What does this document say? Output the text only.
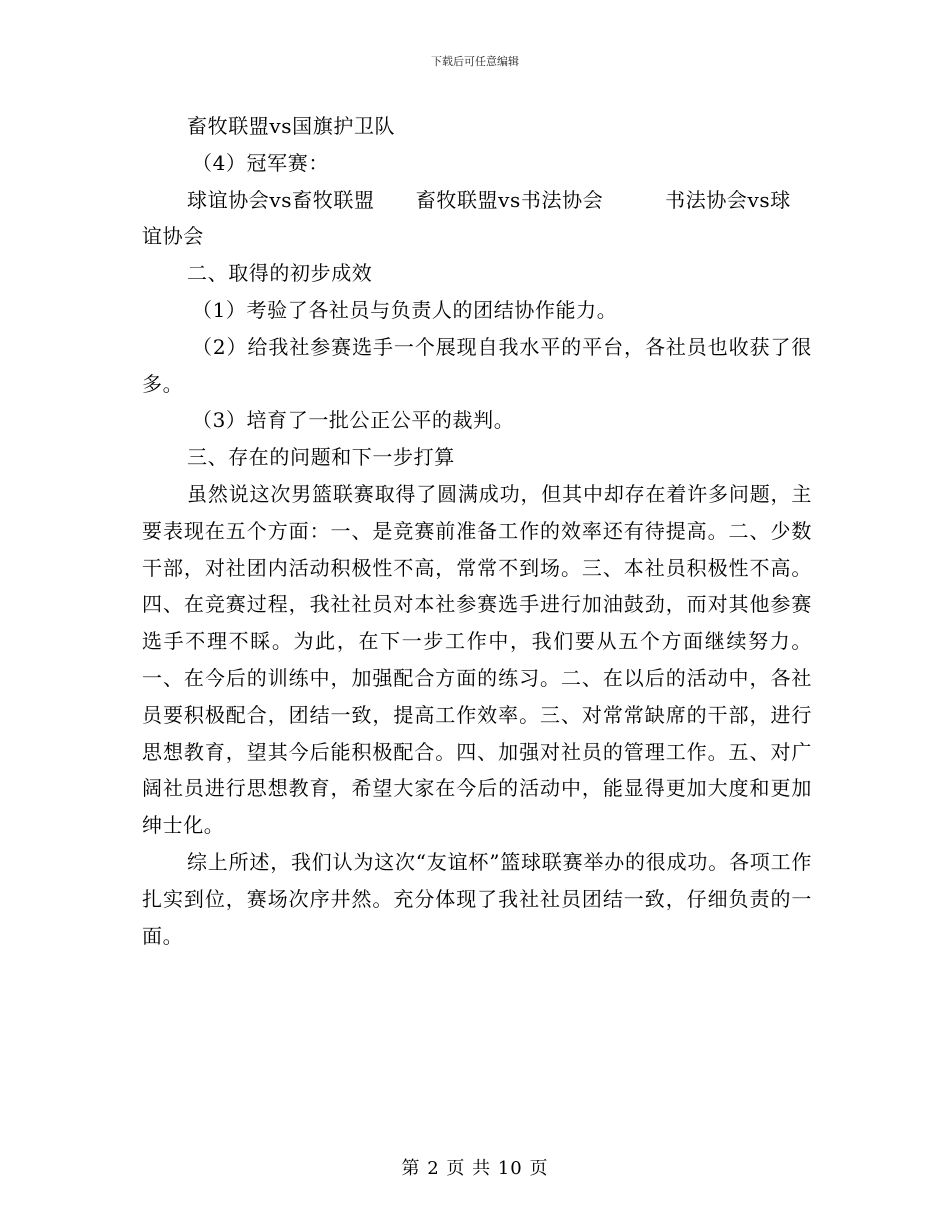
下载后可任意编辑

畜牧联盟vs国旗护卫队

（4）冠军赛：

球谊协会vs畜牧联盟　　畜牧联盟vs书法协会　　　书法协会vs球

谊协会

二、取得的初步成效

（1）考验了各社员与负责人的团结协作能力。

（2）给我社参赛选手一个展现自我水平的平台，各社员也收获了很多。

（3）培育了一批公正公平的裁判。

三、存在的问题和下一步打算

虽然说这次男篮联赛取得了圆满成功，但其中却存在着许多问题，主要表现在五个方面：一、是竞赛前准备工作的效率还有待提高。二、少数干部，对社团内活动积极性不高，常常不到场。三、本社员积极性不高。四、在竞赛过程，我社社员对本社参赛选手进行加油鼓劲，而对其他参赛选手不理不睬。为此，在下一步工作中，我们要从五个方面继续努力。一、在今后的训练中，加强配合方面的练习。二、在以后的活动中，各社员要积极配合，团结一致，提高工作效率。三、对常常缺席的干部，进行思想教育，望其今后能积极配合。四、加强对社员的管理工作。五、对广阔社员进行思想教育，希望大家在今后的活动中，能显得更加大度和更加绅士化。

综上所述，我们认为这次“友谊杯”篮球联赛举办的很成功。各项工作扎实到位，赛场次序井然。充分体现了我社社员团结一致，仔细负责的一面。

第 2 页 共 10 页
